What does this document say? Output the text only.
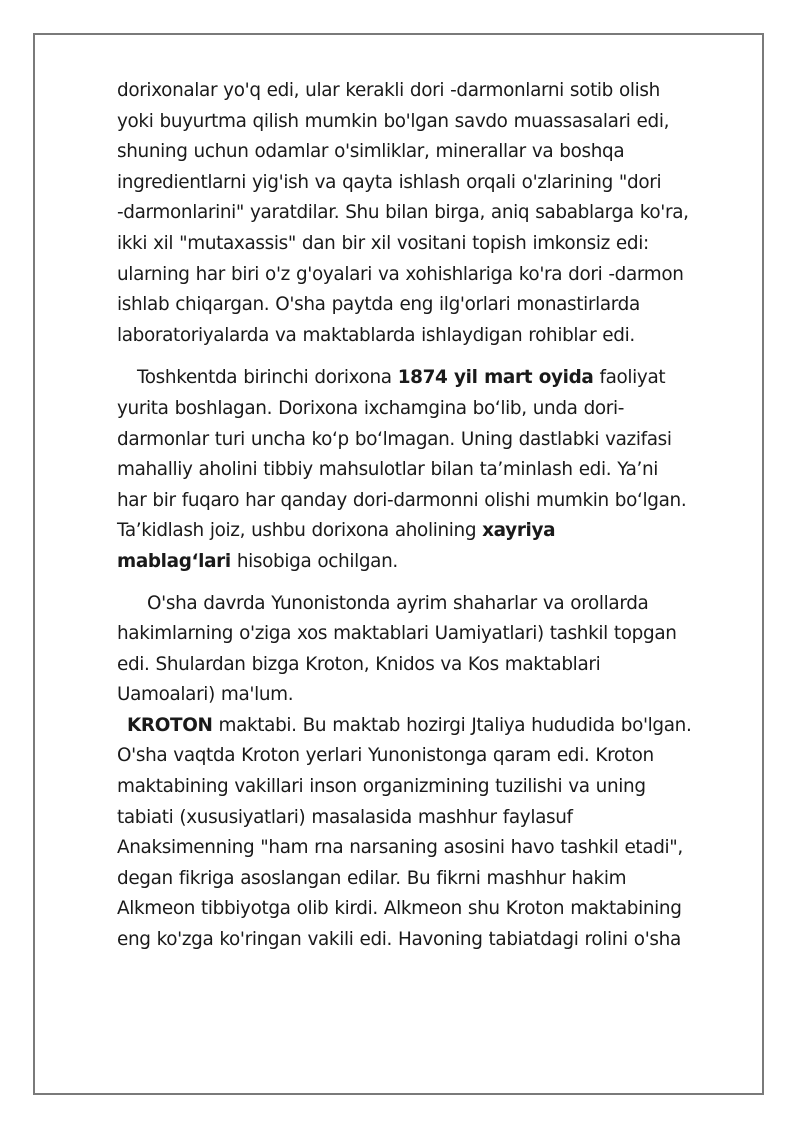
dorixonalar yo'q edi, ular kerakli dori -darmonlarni sotib olish
yoki buyurtma qilish mumkin bo'lgan savdo muassasalari edi,
shuning uchun odamlar o'simliklar, minerallar va boshqa
ingredientlarni yig'ish va qayta ishlash orqali o'zlarining "dori
-darmonlarini" yaratdilar. Shu bilan birga, aniq sabablarga ko'ra,
ikki xil "mutaxassis" dan bir xil vositani topish imkonsiz edi:
ularning har biri o'z g'oyalari va xohishlariga ko'ra dori -darmon
ishlab chiqargan. O'sha paytda eng ilg'orlari monastirlarda
laboratoriyalarda va maktablarda ishlaydigan rohiblar edi.
Toshkentda birinchi dorixona 1874 yil mart oyida faoliyat
yurita boshlagan. Dorixona ixchamgina bo‘lib, unda dori-
darmonlar turi uncha ko‘p bo‘lmagan. Uning dastlabki vazifasi
mahalliy aholini tibbiy mahsulotlar bilan ta’minlash edi. Ya’ni
har bir fuqaro har qanday dori-darmonni olishi mumkin bo‘lgan.
Ta’kidlash joiz, ushbu dorixona aholining xayriya
mablag‘lari hisobiga ochilgan.
O'sha davrda Yunonistonda ayrim shaharlar va orollarda
hakimlarning o'ziga xos maktablari Uamiyatlari) tashkil topgan
edi. Shulardan bizga Kroton, Knidos va Kos maktablari
Uamoalari) ma'lum.
KROTON maktabi. Bu maktab hozirgi Jtaliya hududida bo'lgan.
O'sha vaqtda Kroton yerlari Yunonistonga qaram edi. Kroton
maktabining vakillari inson organizmining tuzilishi va uning
tabiati (xususiyatlari) masalasida mashhur faylasuf
Anaksimenning "ham rna narsaning asosini havo tashkil etadi",
degan fikriga asoslangan edilar. Bu fikrni mashhur hakim
Alkmeon tibbiyotga olib kirdi. Alkmeon shu Kroton maktabining
eng ko'zga ko'ringan vakili edi. Havoning tabiatdagi rolini o'sha
